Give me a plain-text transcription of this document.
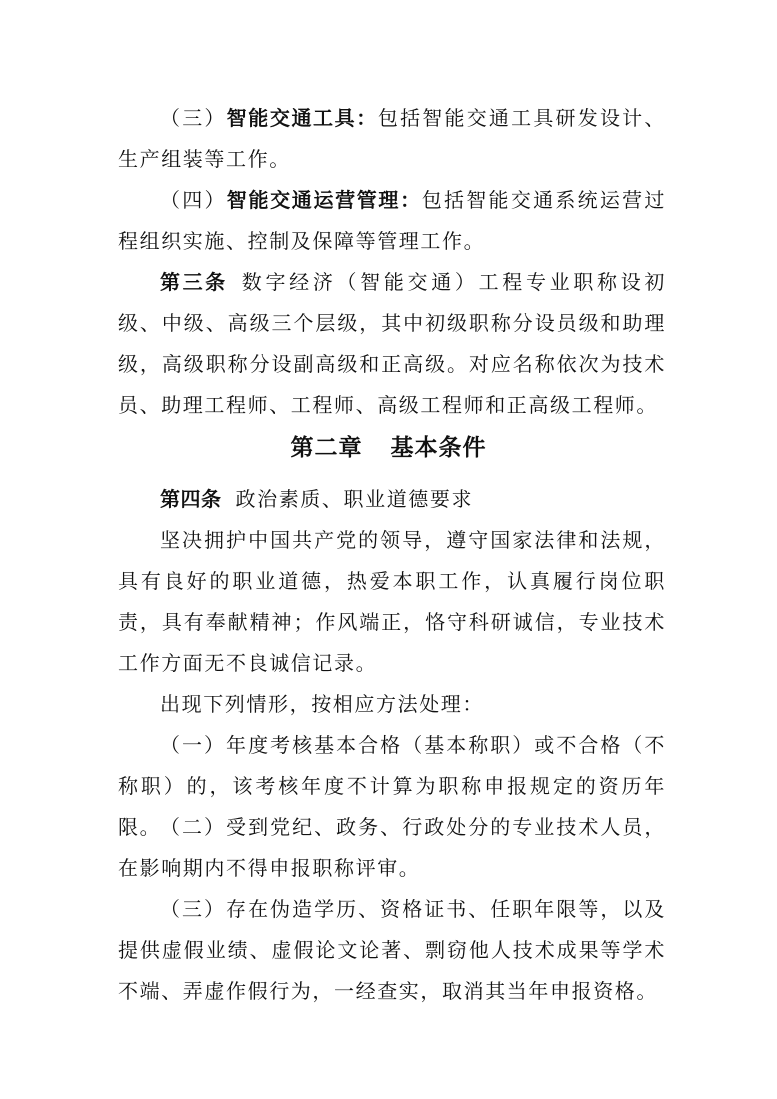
（三）智能交通工具：包括智能交通工具研发设计、生产组装等工作。

（四）智能交通运营管理：包括智能交通系统运营过程组织实施、控制及保障等管理工作。

第三条 数字经济（智能交通）工程专业职称设初级、中级、高级三个层级，其中初级职称分设员级和助理级，高级职称分设副高级和正高级。对应名称依次为技术员、助理工程师、工程师、高级工程师和正高级工程师。

第二章 基本条件

第四条 政治素质、职业道德要求

坚决拥护中国共产党的领导，遵守国家法律和法规，具有良好的职业道德，热爱本职工作，认真履行岗位职责，具有奉献精神；作风端正，恪守科研诚信，专业技术工作方面无不良诚信记录。

出现下列情形，按相应方法处理：

（一）年度考核基本合格（基本称职）或不合格（不称职）的，该考核年度不计算为职称申报规定的资历年限。

（二）受到党纪、政务、行政处分的专业技术人员，在影响期内不得申报职称评审。

（三）存在伪造学历、资格证书、任职年限等，以及提供虚假业绩、虚假论文论著、剽窃他人技术成果等学术不端、弄虚作假行为，一经查实，取消其当年申报资格。
